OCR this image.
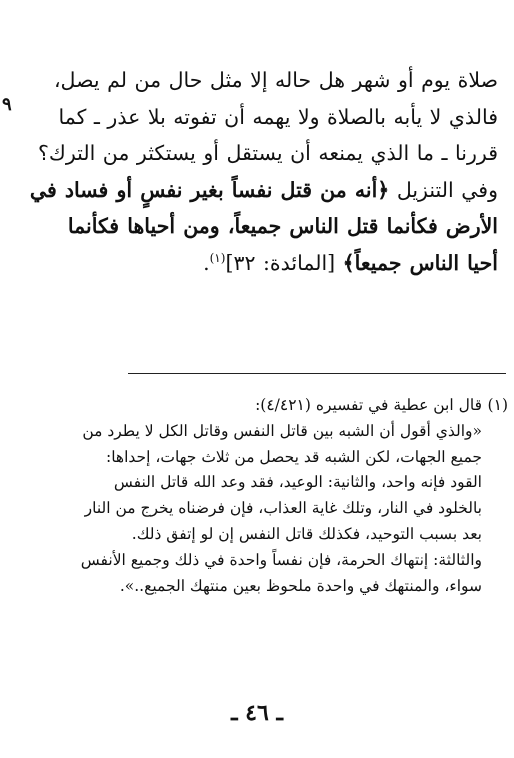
٩
صلاة يوم أو شهر هل حاله إلا مثل حال من لم يصل،
فالذي لا يأبه بالصلاة ولا يهمه أن تفوته بلا عذر ـ كما
قررنا ـ ما الذي يمنعه أن يستقل أو يستكثر من الترك؟
وفي التنزيل ﴿أنه من قتل نفساً بغير نفسٍ أو فساد في
الأرض فكأنما قتل الناس جميعاً، ومن أحياها فكأنما
أحيا الناس جميعاً﴾ [المائدة: ٣٢]$^{(١)}$.
(١)
قال ابن عطية في تفسيره (٤/٤٢١):
«والذي أقول أن الشبه بين قاتل النفس وقاتل الكل لا يطرد من
جميع الجهات، لكن الشبه قد يحصل من ثلاث جهات، إحداها:
القود فإنه واحد، والثانية: الوعيد، فقد وعد الله قاتل النفس
بالخلود في النار، وتلك غاية العذاب، فإن فرضناه يخرج من النار
بعد بسبب التوحيد، فكذلك قاتل النفس إن لو إتفق ذلك.
والثالثة: إنتهاك الحرمة، فإن نفساً واحدة في ذلك وجميع الأنفس
سواء، والمنتهك في واحدة ملحوظ بعين منتهك الجميع..».
ـ ٤٦ ـ
